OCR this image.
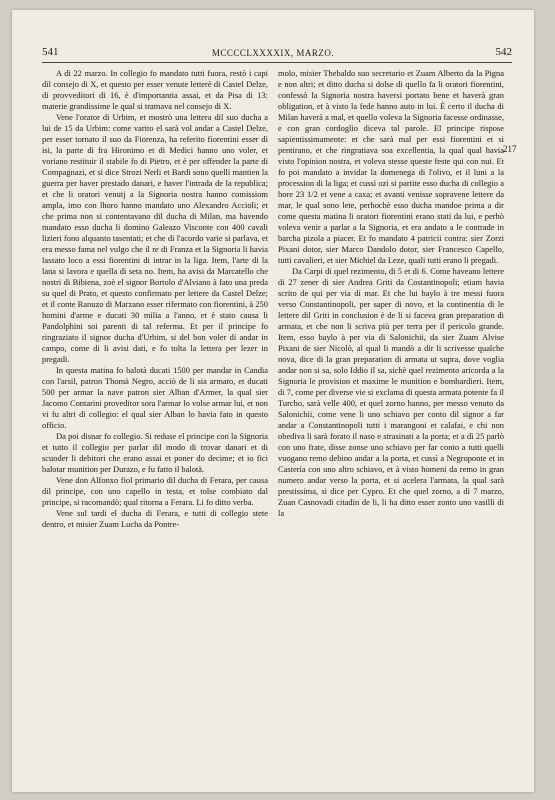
541	MCCCCLXXXXIX, MARZO.	542

A dì 22 marzo. In collegio fo mandato tutti fuora, restò i capi dil consejo di X, et questo per esser venute letterè di Castel Delze, di provveditori di 16, è d'importantia assai, et da Pisa di 13: materie grandissime le qual si tramava nel consejo di X.

Vene l'orator di Urbim, et mostrò una lettera dil suo ducha a lui de 15 da Urbim: come varito el sarà vol andar a Castel Delze, per esser tornato il suo da Fiorenza, ha referito fiorentini esser dì isi, la parte di fra Hironimo et di Medici hanno uno voler, et voriano restituir il stabile fo di Pietro, et è per offender la parte di Compagnazi, et si dice Strozi Nerli et Bardi sono quelli mantien la guerra per haver prestado danari, e haver l'intrada de la republica; et che li oratori venutj a la Signoria nostra hanno comissiom ampla, imo con lhoro hanno mandato uno Alexandro Accioli; et che prima non si contentavano dil ducha di Milan, ma havendo mandato esso ducha li domino Galeazo Visconte con 400 cavali lizieri fono alquanto tasentati; et che di l'acordo varie si parlava, et era messo fama nel vulgo che il re di Franza et la Signoria li havia lassato loco a essi fiorentini di intrar in la liga. Item, l'arte di la lana si lavora e quella di seta no. Item, ha avisi da Marcatello che nostri di Bibiena, zoè el signor Bortolo d'Alviano à fato una preda su quel di Prato, et questo confirmato per lettere da Castel Delze; et il conte Ranuzo di Marzano esser rifermato con fiorentini, à 250 homini d'arme e ducati 30 milia a l'anno, et è stato causa li Pandolphini soi parenti di tal referma. Et per il principe fo ringraziato il signor ducha d'Urbim, si del bon voler di andar in campo, come di li avisi dati, e fo tolta la lettera per lezer in pregadi.

In questa matina fo balotà ducati 1500 per mandar in Candia con l'arsil, patron Thomà Negro, acciò de li sia armato, et ducati 500 per armar la nave patron sier Alban d'Armer, la qual sier Jacomo Contarini proveditor sora l'armar lo volse armar lui, et non vi fu altri di collegio: el qual sier Alban lo havia fato in questo officio.

Da poi disnar fo collegio. Si reduse el principe con la Signoria et tutto il collegio per parlar dil modo di trovar danari et di scuoder li debitori che erano assai et poner do decime; et io fici balotar munition per Durazo, e fu fatto il balotà.

Vene don Alfonxo fiol primario dil ducha di Ferara, per causa dil principe, con uno capello in testa, et tolse combiato dal principe, si racomandò; qual ritorna a Ferara. Li fo ditto verba.

Vene sul tardi el ducha di Ferara, e tutti di collegio stete dentro, et misier Zuam Lucha da Pontre-

molo, misier Thebaldo suo secretario et Zuam Alberto da la Pigna e non altri; et ditto ducha si dolse di quello fa li oratori fiorentini, confessò la Signoria nostra haversi portato bene et haverà gran obligation, et à visto la fede hanno auto in lui. È certo il ducha di Milan haverà a mal, et quello voleva la Signoria facesse ordinasse, e con gran cordoglio diceva tal parole. El principe rispose sapientissimamente: et che sarà mal per essi fiorentini et si pentirano, et che ringratiava soa excellentia, la qual qual havia visto l'opinion nostra, et voleva stesse queste feste qui con nui. Et fo poi mandato a invidar la domenega di l'olivo, et il luni a la procession di la liga; et cussì ozi si partite esso ducha di collegio a hore 23 1/2 et vene a caxa; et avanti venisse sopravene lettere da mar, le qual sono lete, perhochè esso ducha mandoe prima a dir come questa matina li oratori fiorentini erano stati da lui, e perhò voleva venir a parlar a la Signoria, et era andato a le contrade in barcha pizola a piacer. Et fo mandato 4 patricii contra: sier Zorzi Pixani dotor, sier Marco Dandolo dotor, sier Francesco Capello, tutti cavalieri, et sier Michiel da Leze, quali tutti erano li pregadi.

Da Carpi di quel rezimento, di 5 et di 6. Come haveano lettere di 27 zener di sier Andrea Griti da Costantinopoli; etiam havia scrito de qui per via di mar. Et che lui baylo à tre messi fuora verso Constantinopoli, per saper di novo, et la continentia di le lettere dil Griti in conclusion è de li si faceva gran preparation di armata, et che non li scriva più per terra per il pericolo grande. Item, esso baylo à per via di Salonichii, da sier Zuam Alvise Pixani de sier Nicolò, al qual li mandò a dir li scrivesse qualche nova, dice di la gran preparation di armata ut supra, dove voglia andar non si sa, solo Iddio il sa, sichè quel rezimento aricorda a la Signoria le provision et maxime le munition e bombardieri. Item, di 7, come per diverse vie si exclama di questa armata potente fa il Turcho, sarà velle 400, et quel zorno hanno, per messo venuto da Salonichii, come vene li uno schiavo per conto dil signor a far andar a Constantinopoli tutti i marangoni et calafai, e chi non obediva li sarà forato il naso e strasinati a la porta; et a dì 25 parlò con uno frate, disse zonse uno schiavo per far conto a tutti quelli vuogano remo debino andar a la porta, et cussì a Negroponte et in Castería con uno altro schiavo, et à visto homeni da remo in gran numero andar verso la porta, et si acelera l'armata, la qual sarà prestissima, si dice per Cypro. Et che quel zorno, a dì 7 marzo, Zuan Casnovadi citadin de li, li ha ditto esser zonto uno vasilli di la

217
